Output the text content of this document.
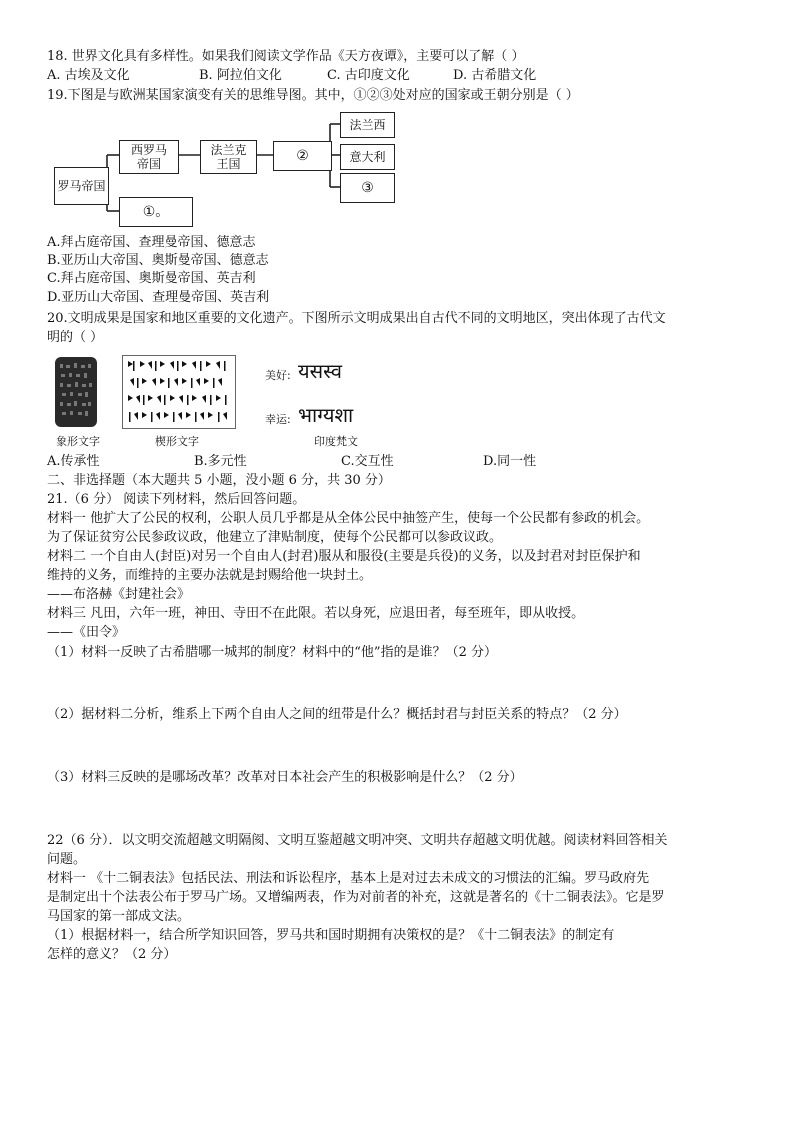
18. 世界文化具有多样性。如果我们阅读文学作品《天方夜谭》，主要可以了解（ ）
A. 古埃及文化	B. 阿拉伯文化	C. 古印度文化	D. 古希腊文化
19.下图是与欧洲某国家演变有关的思维导图。其中，①②③处对应的国家或王朝分别是（ ）
罗马帝国
西罗马
帝国
法兰克
王国	②
法兰西
意大利
③
①。
A.拜占庭帝国、查理曼帝国、德意志
B.亚历山大帝国、奥斯曼帝国、德意志
C.拜占庭帝国、奥斯曼帝国、英吉利
D.亚历山大帝国、查理曼帝国、英吉利
20.文明成果是国家和地区重要的文化遗产。下图所示文明成果出自古代不同的文明地区，突出体现了古代文
明的（ ）
象形文字	楔形文字	印度梵文
美好: यसस्व
幸运: भाग्यशा
A.传承性	B.多元性	C.交互性	D.同一性
二、非选择题（本大题共 5 小题，没小题 6 分，共 30 分）
21.（6 分） 阅读下列材料，然后回答问题。
材料一 他扩大了公民的权利，公职人员几乎都是从全体公民中抽签产生，使每一个公民都有参政的机会。
为了保证贫穷公民参政议政，他建立了津贴制度，使每个公民都可以参政议政。
材料二 一个自由人(封臣)对另一个自由人(封君)服从和服役(主要是兵役)的义务，以及封君对封臣保护和
维持的义务，而维持的主要办法就是封赐给他一块封土。
——布洛赫《封建社会》
材料三 凡田，六年一班，神田、寺田不在此限。若以身死，应退田者，每至班年，即从收授。
——《田令》
（1）材料一反映了古希腊哪一城邦的制度？材料中的“他”指的是谁？（2 分）
（2）据材料二分析，维系上下两个自由人之间的纽带是什么？概括封君与封臣关系的特点？（2 分）
（3）材料三反映的是哪场改革？改革对日本社会产生的积极影响是什么？（2 分）
22（6 分）．以文明交流超越文明隔阂、文明互鉴超越文明冲突、文明共存超越文明优越。阅读材料回答相关
问题。
材料一 《十二铜表法》包括民法、刑法和诉讼程序，基本上是对过去未成文的习惯法的汇编。罗马政府先
是制定出十个法表公布于罗马广场。又增编两表，作为对前者的补充，这就是著名的《十二铜表法》。它是罗
马国家的第一部成文法。
（1）根据材料一，结合所学知识回答，罗马共和国时期拥有决策权的是？《十二铜表法》的制定有
怎样的意义？（2 分）
